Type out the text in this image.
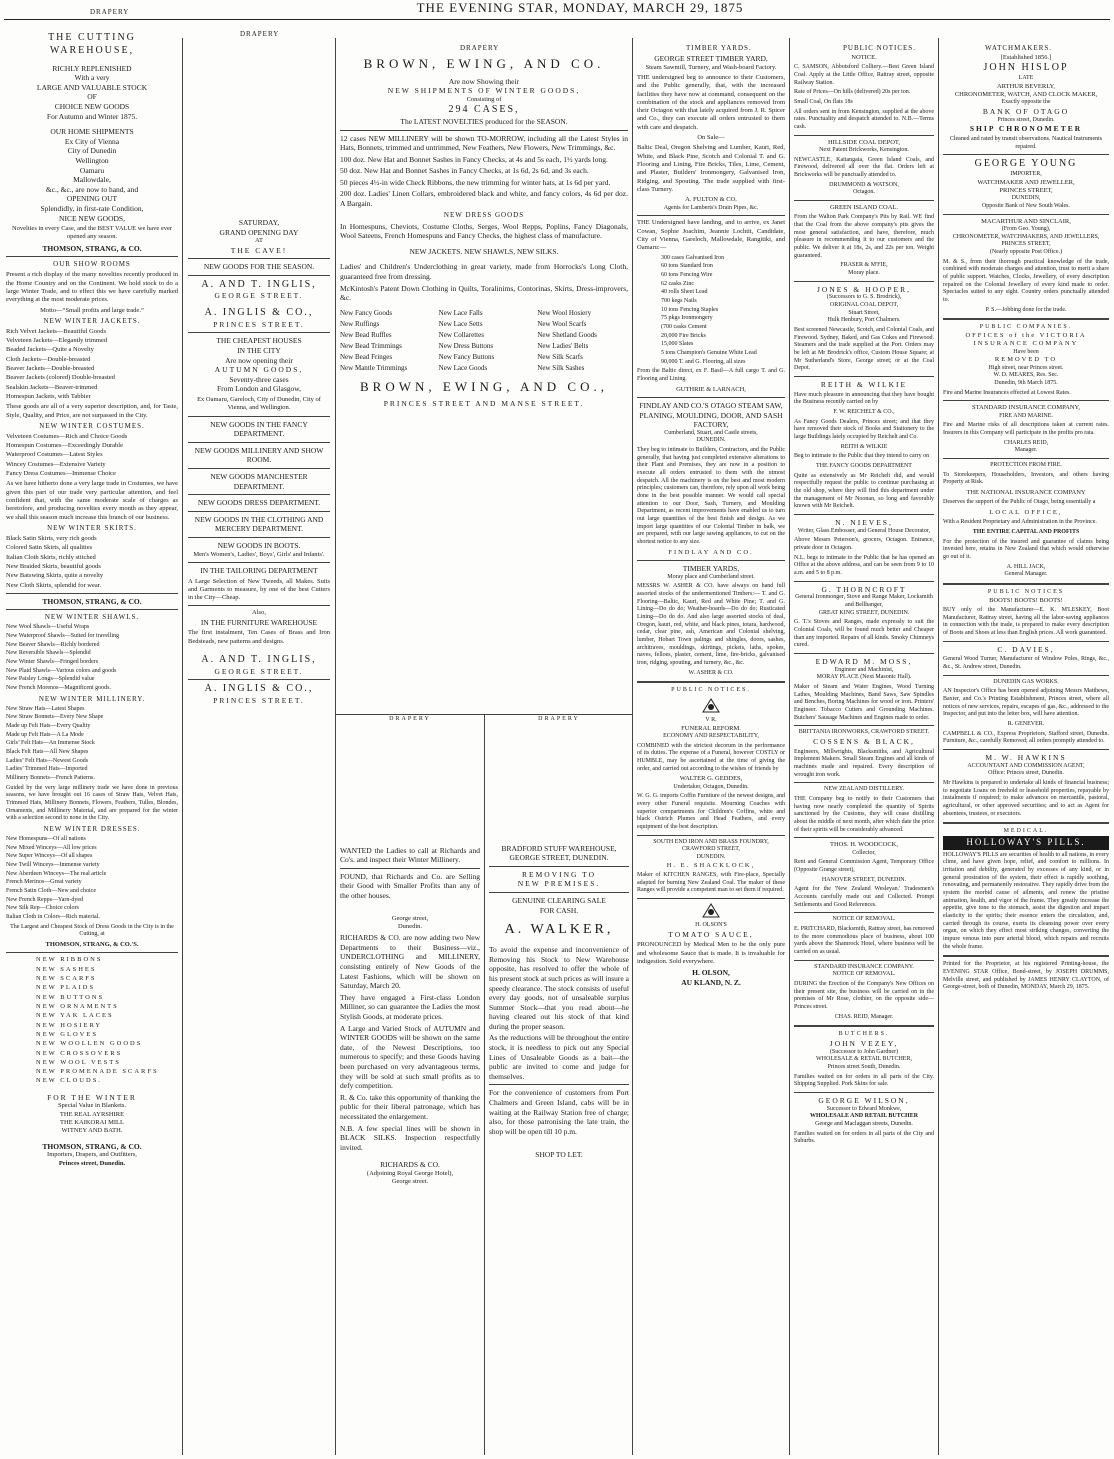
DRAPERY
DRAPERY
THE EVENING STAR, MONDAY, MARCH 29, 1875
DRAPERY	TIMBER YARDS.	PUBLIC NOTICES.	WATCHMAKERS.
THE CUTTING WAREHOUSE,
RICHLY REPLENISHED
With a very
LARGE AND VALUABLE STOCK
OF
CHOICE NEW GOODS
For Autumn and Winter 1875.
OUR HOME SHIPMENTS
Ex City of Vienna
City of Dunedin
Wellington
Oamaru
Mallowdale,
&c., &c., are now to hand, and
OPENING OUT
Splendidly, in first-rate Condition,
NICE NEW GOODS,

Novelties in every Case, and the BEST VALUE we have ever opened any season.

THOMSON, STRANG, & CO.
OUR SHOW ROOMS

Present a rich display of the many novelties recently produced in the Home Country and on the Continent. We hold stock to do a large Winter Trade, and to effect this we have carefully marked everything at the most moderate prices.

Motto—“Small profits and large trade.”
NEW WINTER JACKETS.

Rich Velvet Jackets—Beautiful Goods

Velveteen Jackets—Elegantly trimmed

Beaded Jackets—Quite a Novelty

Cloth Jackets—Double-breasted

Beaver Jackets—Double-breasted

Beaver Jackets (colored) Double-breasted

Sealskin Jackets—Beaver-trimmed

Homespun Jackets, with Tabbier

These goods are all of a very superior description, and, for Taste, Style, Quality, and Price, are not surpassed in the City.

NEW WINTER COSTUMES.

Velveteen Costumes—Rich and Choice Goods

Homespun Costumes—Exceedingly Durable

Waterproof Costumes—Latest Styles

Wincey Costumes—Extensive Variety

Fancy Dress Costumes—Immense Choice

As we have hitherto done a very large trade in Costumes, we have given this part of our trade very particular attention, and feel confident that, with the same moderate scale of charges as heretofore, and producing novelties every month as they appear, we shall this season much increase this branch of our business.

NEW WINTER SKIRTS.

Black Satin Skirts, very rich goods

Colored Satin Skirts, all qualities

Italian Cloth Skirts, richly stitched

New Braided Skirts, beautiful goods

New Batswing Skirts, quite a novelty

New Cloth Skirts, splendid for wear.

THOMSON, STRANG, & CO.
NEW WINTER SHAWLS.

New Wool Shawls—Useful Wraps

New Waterproof Shawls—Suited for travelling

New Beaver Shawls—Richly bordered

New Reversible Shawls—Splendid

New Winter Shawls—Fringed borders

New Plaid Shawls—Various colors and goods

New Paisley Longs—Splendid value

New French Morenos—Magnificent goods.

NEW WINTER MILLINERY.

New Straw Hats—Latest Shapes

New Straw Bonnets—Every New Shape

Made up Felt Hats—Every Quality

Made up Felt Hats—A La Mode

Girls’ Felt Hats—An Immense Stock

Black Felt Hats—All New Shapes

Ladies’ Felt Hats—Newest Goods

Ladies’ Trimmed Hats—Imported

Millinery Bonnets—French Patterns.

Guided by the very large millinery trade we have done in previous seasons, we have brought out 16 cases of Straw Hats, Velvet Hats, Trimmed Hats, Millinery Bonnets, Flowers, Feathers, Tulles, Blondes, Ornaments, and Millinery Material, and are prepared for the winter with a selection second to none in the City.

NEW WINTER DRESSES.

New Homespuns—Of all nations

New Mixed Winceys—All low prices

New Super Winceys—Of all shapes

New Twill Winceys—Immense variety

New Aberdeen Winceys—The real article

French Merinos—Great variety

French Satin Cloth—New and choice

New French Repps—Yarn-dyed

New Silk Rep—Choice colors

Italian Cloth in Colors—Rich material.

The Largest and Cheapest Stock of Dress Goods in the City is in the Cutting, at

THOMSON, STRANG, & CO.'S.

NEW RIBBONS

NEW SASHES

NEW SCARFS

NEW PLAIDS

NEW BUTTONS

NEW ORNAMENTS

NEW YAK LACES

NEW HOSIERY

NEW GLOVES

NEW WOOLLEN GOODS

NEW CROSSOVERS

NEW WOOL VESTS

NEW PROMENADE SCARFS

NEW CLOUDS.

FOR THE WINTER
Special Value in Blankets.
THE REAL AYRSHIRE
THE KAIKORAI MILL
WITNEY AND BATH.
THOMSON, STRANG, & CO.
Importers, Drapers, and Outfitters,
Princes street, Dunedin.
SATURDAY,
GRAND OPENING DAY
AT
THE CAVE!
NEW GOODS FOR THE SEASON.
A. AND T. INGLIS,
GEORGE STREET.
A. INGLIS & CO.,
PRINCES STREET.
THE CHEAPEST HOUSES
IN THE CITY
Are now opening their
AUTUMN GOODS,
Seventy-three cases
From London and Glasgow,

Ex Oamaru, Gareloch, City of Dunedin, City of Vienna, and Wellington.

NEW GOODS IN THE FANCY DEPARTMENT.
NEW GOODS MILLINERY AND SHOW ROOM.
NEW GOODS MANCHESTER DEPARTMENT.
NEW GOODS DRESS DEPARTMENT.
NEW GOODS IN THE CLOTHING AND MERCERY DEPARTMENT.
NEW GOODS IN BOOTS.
Men's Women's, Ladies', Boys', Girls' and Infants'.
IN THE TAILORING DEPARTMENT

A Large Selection of New Tweeds, all Makes. Suits and Garments to measure, by one of the best Cutters in the City—Cheap.

Also,
IN THE FURNITURE WAREHOUSE

The first instalment, Ten Cases of Brass and Iron Bedsteads, new patterns and designs.

A. AND T. INGLIS,
GEORGE STREET.
A. INGLIS & CO.,
PRINCES STREET.
BROWN, EWING, AND CO.
Are now Showing their
NEW SHIPMENTS OF WINTER GOODS,
Consisting of
294 CASES,
The LATEST NOVELTIES produced for the SEASON.

12 cases NEW MILLINERY will be shown TO-MORROW, including all the Latest Styles in Hats, Bonnets, trimmed and untrimmed, New Feathers, New Flowers, New Trimmings, &c.

100 doz. New Hat and Bonnet Sashes in Fancy Checks, at 4s and 5s each, 1½ yards long.

50 doz. New Hat and Bonnet Sashes in Fancy Checks, at 1s 6d, 2s 6d, and 3s each.

50 pieces 4½-in wide Check Ribbons, the new trimming for winter hats, at 1s 6d per yard.

200 doz. Ladies' Linen Collars, embroidered black and white, and fancy colors, 4s 6d per doz. A Bargain.

NEW DRESS GOODS

In Homespuns, Cheviots, Costume Cloths, Serges, Wool Repps, Poplins, Fancy Diagonals, Wool Sateens, French Homespuns and Fancy Checks, the highest class of manufacture.

NEW JACKETS. NEW SHAWLS, NEW SILKS.

Ladies' and Children's Underclothing in great variety, made from Horrocks's Long Cloth, guaranteed free from dressing.

McKintosh's Patent Down Clothing in Quilts, Toralinims, Contorinas, Skirts, Dress-improvers, &c.

New Fancy Goods	New Lace Falls	New Wool Hosiery
New Ruffings	New Lace Setts	New Wool Scarfs
New Bead Ruffles	New Collarettes	New Shetland Goods
New Bead Trimmings	New Dress Buttons	New Ladies' Belts
New Bead Fringes	New Fancy Buttons	New Silk Scarfs
New Mantle Trimmings	New Lace Goods	New Silk Sashes
BROWN, EWING, AND CO.,
PRINCES STREET AND MANSE STREET.
DRAPERY

WANTED the Ladies to call at Richards and Co's. and inspect their Winter Millinery.

FOUND, that Richards and Co. are Selling their Good with Smaller Profits than any of the other houses.

George street,
Dunedin.

RICHARDS & CO. are now adding two New Departments to their Business—viz., UNDERCLOTHING and MILLINERY, consisting entirely of New Goods of the Latest Fashions, which will be shown on Saturday, March 20.

They have engaged a First-class London Milliner, so can guarantee the Ladies the most Stylish Goods, at moderate prices.

A Large and Varied Stock of AUTUMN and WINTER GOODS will be shown on the same date, of the Newest Descriptions, too numerous to specify; and these Goods having been purchased on very advantageous terms, they will be sold at such small profits as to defy competition.

R. & Co. take this opportunity of thanking the public for their liberal patronage, which has necessitated the enlargement.

N.B. A few special lines will be shown in BLACK SILKS. Inspection respectfully invited.

RICHARDS & CO.
(Adjoining Royal George Hotel),
George street.
DRAPERY
BRADFORD STUFF WAREHOUSE,
GEORGE STREET, DUNEDIN.
REMOVING TO
NEW PREMISES.
GENUINE CLEARING SALE
FOR CASH.
A. WALKER,

To avoid the expense and inconvenience of Removing his Stock to New Warehouse opposite, has resolved to offer the whole of his present stock at such prices as will insure a speedy clearance. The stock consists of useful every day goods, not of unsaleable surplus Summer Stock—that you read about—he having cleared out his stock of that kind during the proper season.

As the reductions will be throughout the entire stock, it is needless to pick out any Special Lines of Unsaleable Goods as a bait—the public are invited to come and judge for themselves.

For the convenience of customers from Port Chalmers and Green Island, cabs will be in waiting at the Railway Station free of charge; also, for those patronising the late train, the shop will be open till 10 p.m.

SHOP TO LET.
GEORGE STREET TIMBER YARD,
Steam Sawmill, Turnery, and Wash-board Factory.

THE undersigned beg to announce to their Customers, and the Public generally, that, with the increased facilities they have now at command, consequent on the combination of the stock and appliances removed from their Octagon with that lately acquired from J. R. Spicer and Co., they can execute all orders entrusted to them with care and despatch.

On Sale—

Baltic Deal, Oregon Shelving and Lumber, Kauri, Red, White, and Black Pine, Scotch and Colonial T. and G. Flooring and Lining, Fire Bricks, Tiles, Lime, Cement, and Plaster, Builders' Ironmongery, Galvanised Iron, Ridging, and Spouting. The trade supplied with first-class Turnery.

A. FULTON & CO.
Agents for Lamberts's Drain Pipes, &c.

THE Undersigned have landing, and to arrive, ex Janet Cowan, Sophie Joachim, Jeannie Lochtit, Candidate, City of Vienna, Gareloch, Mallowdale, Rangitiki, and Oamaru:—

300 cases Galvanised Iron

60 tons Standard Iron

60 tons Fencing Wire

62 casks Zinc

40 rolls Sheet Lead

700 kegs Nails

10 tons Fencing Staples

75 pkgs Ironmongery

(700 casks Cement

20,000 Fire Bricks

15,000 Slates

5 tons Champion's Genuine White Lead

90,000 T. and G. Flooring, all sizes

From the Baltic direct, ex F. Basil—A full cargo T. and G. Flooring and Lining.

GUTHRIE & LARNACH,
FINDLAY AND CO.'S OTAGO STEAM SAW, PLANING, MOULDING, DOOR, AND SASH FACTORY,
Cumberland, Stuart, and Castle streets,
DUNEDIN.

They beg to intimate to Builders, Contractors, and the Public generally, that having just completed extensive alterations to their Plant and Premises, they are now in a position to execute all orders entrusted to them with the utmost despatch. All the machinery is on the best and most modern principles; customers can, therefore, rely upon all work being done in the best possible manner. We would call special attention to our Door, Sash, Turnery, and Moulding Department, as recent improvements have enabled us to turn out large quantities of the best finish and design. As we import large quantities of our Colonial Timber in balk, we are prepared, with our large sawing appliances, to cut on the shortest notice to any size.

FINDLAY AND CO.
TIMBER YARDS,
Moray place and Cumberland street.

MESSRS W. ASHER & CO. have always on hand full assorted stocks of the undermentioned Timbers:— T. and G. Flooring—Baltic, Kauri, Red and White Pine; T. and G. Lining—Do do do; Weather-boards—Do do do; Rusticated Lining—Do do do. And also large assorted stocks of deal, Oregon, kauri, red, white, and black pines, totara, hardwood, cedar, clear pine, ash, American and Colonial shelving, lumber, Hobart Town palings and shingles, doors, sashes, architraves, mouldings, skirtings, pickets, laths, spokes, naves, felloes, plaster, cement, lime, fire-bricks, galvanised iron, ridging, spouting, and turnery, &c., &c.

W. ASHER & CO.
PUBLIC NOTICES.
V R.
FUNERAL REFORM.
ECONOMY AND RESPECTABILITY,

COMBINED with the strictest decorum in the performance of its duties. The expense of a Funeral, however COSTLY or HUMBLE, may be ascertained at the time of giving the order, and carried out according to the wishes of friends by

WALTER G. GEDDES,
Undertaker, Octagon, Dunedin.

W. G. G. imports Coffin Furniture of the newest designs, and every other Funeral requisite. Mourning Coaches with superior compartments for Children's Coffins, white and black Ostrich Plumes and Head Feathers, and every equipment of the best description.

SOUTH END IRON AND BRASS FOUNDRY,
CRAWFORD STREET,
DUNEDIN.
H. E. SHACKLOCK,

Maker of KITCHEN RANGES, with Fire-place, Specially adapted for burning New Zealand Coal. The maker of these Ranges will provide a competent man to set them if required.

H. OLSON'S
TOMATO SAUCE,

PRONOUNCED by Medical Men to be the only pure and wholesome Sauce that is made. It is invaluable for indigestion. Sold everywhere.

H. OLSON,
AU KLAND, N. Z.
NOTICE.

C. SAMSON, Abbotsford Colliery.—Best Green Island Coal. Apply at the Little Office, Rattray street, opposite Railway Station.

Rate of Prices—On hills (delivered) 20s per ton.

Small Coal, On flats 18s

All orders sent in from Kensington, supplied at the above rates. Punctuality and despatch attended to. N.B.—Terms cash.

HILLSIDE COAL DEPOT,
Next Patent Brickworks, Kensington.

NEWCASTLE, Kaitangata, Green Island Coals, and Firewood, delivered all over the flat. Orders left at Brickworks will be punctually attended to.

DRUMMOND & WATSON,
Octagon.
GREEN ISLAND COAL.

From the Walton Park Company's Pits by Rail. WE find that the Coal from the above company's pits gives the most general satisfaction, and have, therefore, much pleasure in recommending it to our customers and the public. We deliver it at 18s, 2s, and 22s per ton. Weight guaranteed.

FRASER & M'FIE,
Moray place.
JONES & HOOPER,
(Successors to G. S. Brodrick),
ORIGINAL COAL DEPOT,
Stuart Street,
Hulk Henbury, Port Chalmers.

Best screened Newcastle, Scotch, and Colonial Coals, and Firewood. Sydney, Baked, and Gas Cokes and Firewood. Steamers and the trade supplied at the Port. Orders may be left at Mr Brodrick's office, Custom House Square; at Mr Sutherland's Store, George street; or at the Coal Depot.

REITH & WILKIE

Have much pleasure in announcing that they have bought the Business recently carried on by

F. W. REICHELT & CO.,

As Fancy Goods Dealers, Princes street; and that they have removed their stock of Books and Stationery to the large Buildings lately occupied by Reichelt and Co.

REITH & WILKIE

Beg to intimate to the Public that they intend to carry on

THE FANCY GOODS DEPARTMENT

Quite as extensively as Mr Reichelt did, and would respectfully request the public to continue purchasing at the old shop, where they will find this department under the management of Mr Noonan, so long and favorably known with Mr Reichelt.

N. NIEVES,
Writer, Glass Embosser, and General House Decorator,

Above Messrs Peterson's, grocers, Octagon. Entrance, private door in Octagon.

N.L. begs to intimate to the Public that he has opened an Office at the above address, and can be seen from 9 to 10 a.m. and 5 to 8 p.m.

G. THORNCROFT
General Ironmonger, Stove and Range Maker, Locksmith and Bellhanger,
GREAT KING STREET, DUNEDIN.

G. T.'s Stoves and Ranges, made expressly to suit the Colonial Coals, will be found much better and Cheaper than any imported. Repairs of all kinds. Smoky Chimneys cured.

EDWARD M. MOSS,
Engineer and Machinist,
MORAY PLACE (Next Masonic Hall).

Maker of Steam and Water Engines, Wood Turning Lathes, Moulding Machines, Band Saws, Saw Spindles and Benches, Boring Machines for wood or iron. Printers' Engineer. Tobacco Cutters and Grounding Machines. Butchers' Sausage Machines and Engines made to order.

BRITTANIA IRONWORKS, CRAWFORD STREET.
COSSENS & BLACK,

Engineers, Millwrights, Blacksmiths, and Agricultural Implement Makers. Small Steam Engines and all kinds of machines made and repaired. Every description of wrought iron work.

NEW ZEALAND DISTILLERY.

THE Company beg to notify to their Customers that having now nearly completed the quantity of Spirits sanctioned by the Customs, they will cease distilling about the middle of next month, after which date the price of their spirits will be considerably advanced.

THOS. H. WOODCOCK,
Collector,

Rent and General Commission Agent, Temporary Office (Opposite Grange street),

HANOVER STREET, DUNEDIN.

Agent for the 'New Zealand Wesleyan.' Tradesmen's Accounts carefully made out and Collected. Prompt Settlements and Good References.

NOTICE OF REMOVAL.

E. PRITCHARD, Blacksmith, Rattray street, has removed to the more commodious place of business, about 100 yards above the Shamrock Hotel, where business will be carried on as usual.

STANDARD INSURANCE COMPANY.
NOTICE OF REMOVAL.

DURING the Erection of the Company's New Offices on their present site, the business will be carried on in the premises of Mr Rose, clothier, on the opposite side—Princes street.

CHAS. REID, Manager.
BUTCHERS.
JOHN VEZEY,
(Successor to John Gardner)
WHOLESALE & RETAIL BUTCHER,
Princes street South, Dunedin.

Families waited on for orders in all parts of the City. Shipping Supplied. Pork Skins for sale.

GEORGE WILSON,
Successor to Edward Monkwe,
WHOLESALE AND RETAIL BUTCHER
George and Maclaggan streets, Dunedin.

Families waited on for orders in all parts of the City and Suburbs.

[Established 1856.]
JOHN HISLOP
LATE
ARTHUR BEVERLY,
CHRONOMETER, WATCH, AND CLOCK MAKER,
Exactly opposite the
BANK OF OTAGO
Princes street, Dunedin.
SHIP CHRONOMETER

Cleaned and rated by transit observations. Nautical Instruments repaired.

GEORGE YOUNG
IMPORTER,
WATCHMAKER AND JEWELLER,
PRINCES STREET,
DUNEDIN,
Opposite Bank of New South Wales.
MACARTHUR AND SINCLAIR,
(From Geo. Young),
CHRONOMETER, WATCHMAKERS, AND JEWELLERS,
PRINCES STREET,
(Nearly opposite Post Office.)

M. & S., from their thorough practical knowledge of the trade, combined with moderate charges and attention, trust to merit a share of public support. Watches, Clocks, Jewellery, of every description repaired on the Colonial Jewellery of every kind made to order. Spectacles suited to any sight. Country orders punctually attended to.

P. S.—Jobbing done for the trade.
PUBLIC COMPANIES.
OFFICES of the VICTORIA INSURANCE COMPANY
Have been
REMOVED TO
High street, near Princes street.
W. D. MEARES, Res. Sec.
Dunedin, 9th March 1875.

Fire and Marine Insurances effected at Lowest Rates.

STANDARD INSURANCE COMPANY,
FIRE AND MARINE.

Fire and Marine risks of all descriptions taken at current rates. Insurers in this Company will participate in the profits pro rata.

CHARLES REID,
Manager.
PROTECTION FROM FIRE.

To Storekeepers, Householders, Investors, and others having Property at Risk.

THE NATIONAL INSURANCE COMPANY

Deserves the support of the Public of Otago, being essentially a

LOCAL OFFICE,

With a Resident Proprietary and Administration in the Province.

THE ENTIRE CAPITAL AND PROFITS

For the protection of the insured and guarantee of claims being invested here, retains in New Zealand that which would otherwise go out of it.

A. HILL JACK,
General Manager.
PUBLIC NOTICES
BOOTS! BOOTS! BOOTS!

BUY only of the Manufacturer—E. K. M'LESKEY, Boot Manufacturer, Rattray street, having all the labor-saving appliances in connection with the trade, is prepared to make every description of Boots and Shoes at less than English prices. All work guaranteed.

C. DAVIES,

General Wood Turner, Manufacturer of Window Poles, Rings, &c., &c., St. Andrew street, Dunedin.

DUNEDIN GAS WORKS.

AN Inspector's Office has been opened adjoining Messrs Matthews, Baxter, and Co.'s Printing Establishment, Princes street, where all notices of new services, repairs, escapes of gas, &c., addressed to the Inspector, and put into the letter box, will have attention.

R. GENEVER.

CAMPBELL & CO., Express Proprietors, Stafford street, Dunedin. Furniture, &c., carefully Removed; all orders promptly attended to.

M. W. HAWKINS
ACCOUNTANT AND COMMISSION AGENT,
Office: Princes street, Dunedin.

Mr Hawkins is prepared to undertake all kinds of financial business; to negotiate Loans on freehold or leasehold properties, repayable by instalments if required; to make advances on mercantile, pastoral, agricultural, or other approved securities; and to act as Agent for absentees, trustees, or executors.

MEDICAL.
HOLLOWAY'S PILLS.

HOLLOWAY'S PILLS are securities of health to all nations, in every clime, and have given hope, relief, and comfort to millions. In irritation and debility, generated by excesses of any kind, or in general prostration of the system, their effect is rapidly soothing, renovating, and permanently restorative. They rapidly drive from the system the morbid cause of ailments, and renew the pristine animation, health, and vigor of the frame. They greatly increase the appetite, give tone to the stomach, assist the digestion and impart elasticity to the spirits; their essence enters the circulation, and, carried through its course, exerts its cleansing power over every organ, on which they effect most striking changes, converting the impure venous into pure arterial blood, which repairs and recruits the whole frame.

Printed for the Proprietor, at his registered Printing-house, the EVENING STAR Office, Bond-street, by JOSEPH DRUMMS, Melville street, and published by JAMES HENRY CLAYTON, of George-street, both of Dunedin, MONDAY, March 29, 1875.
